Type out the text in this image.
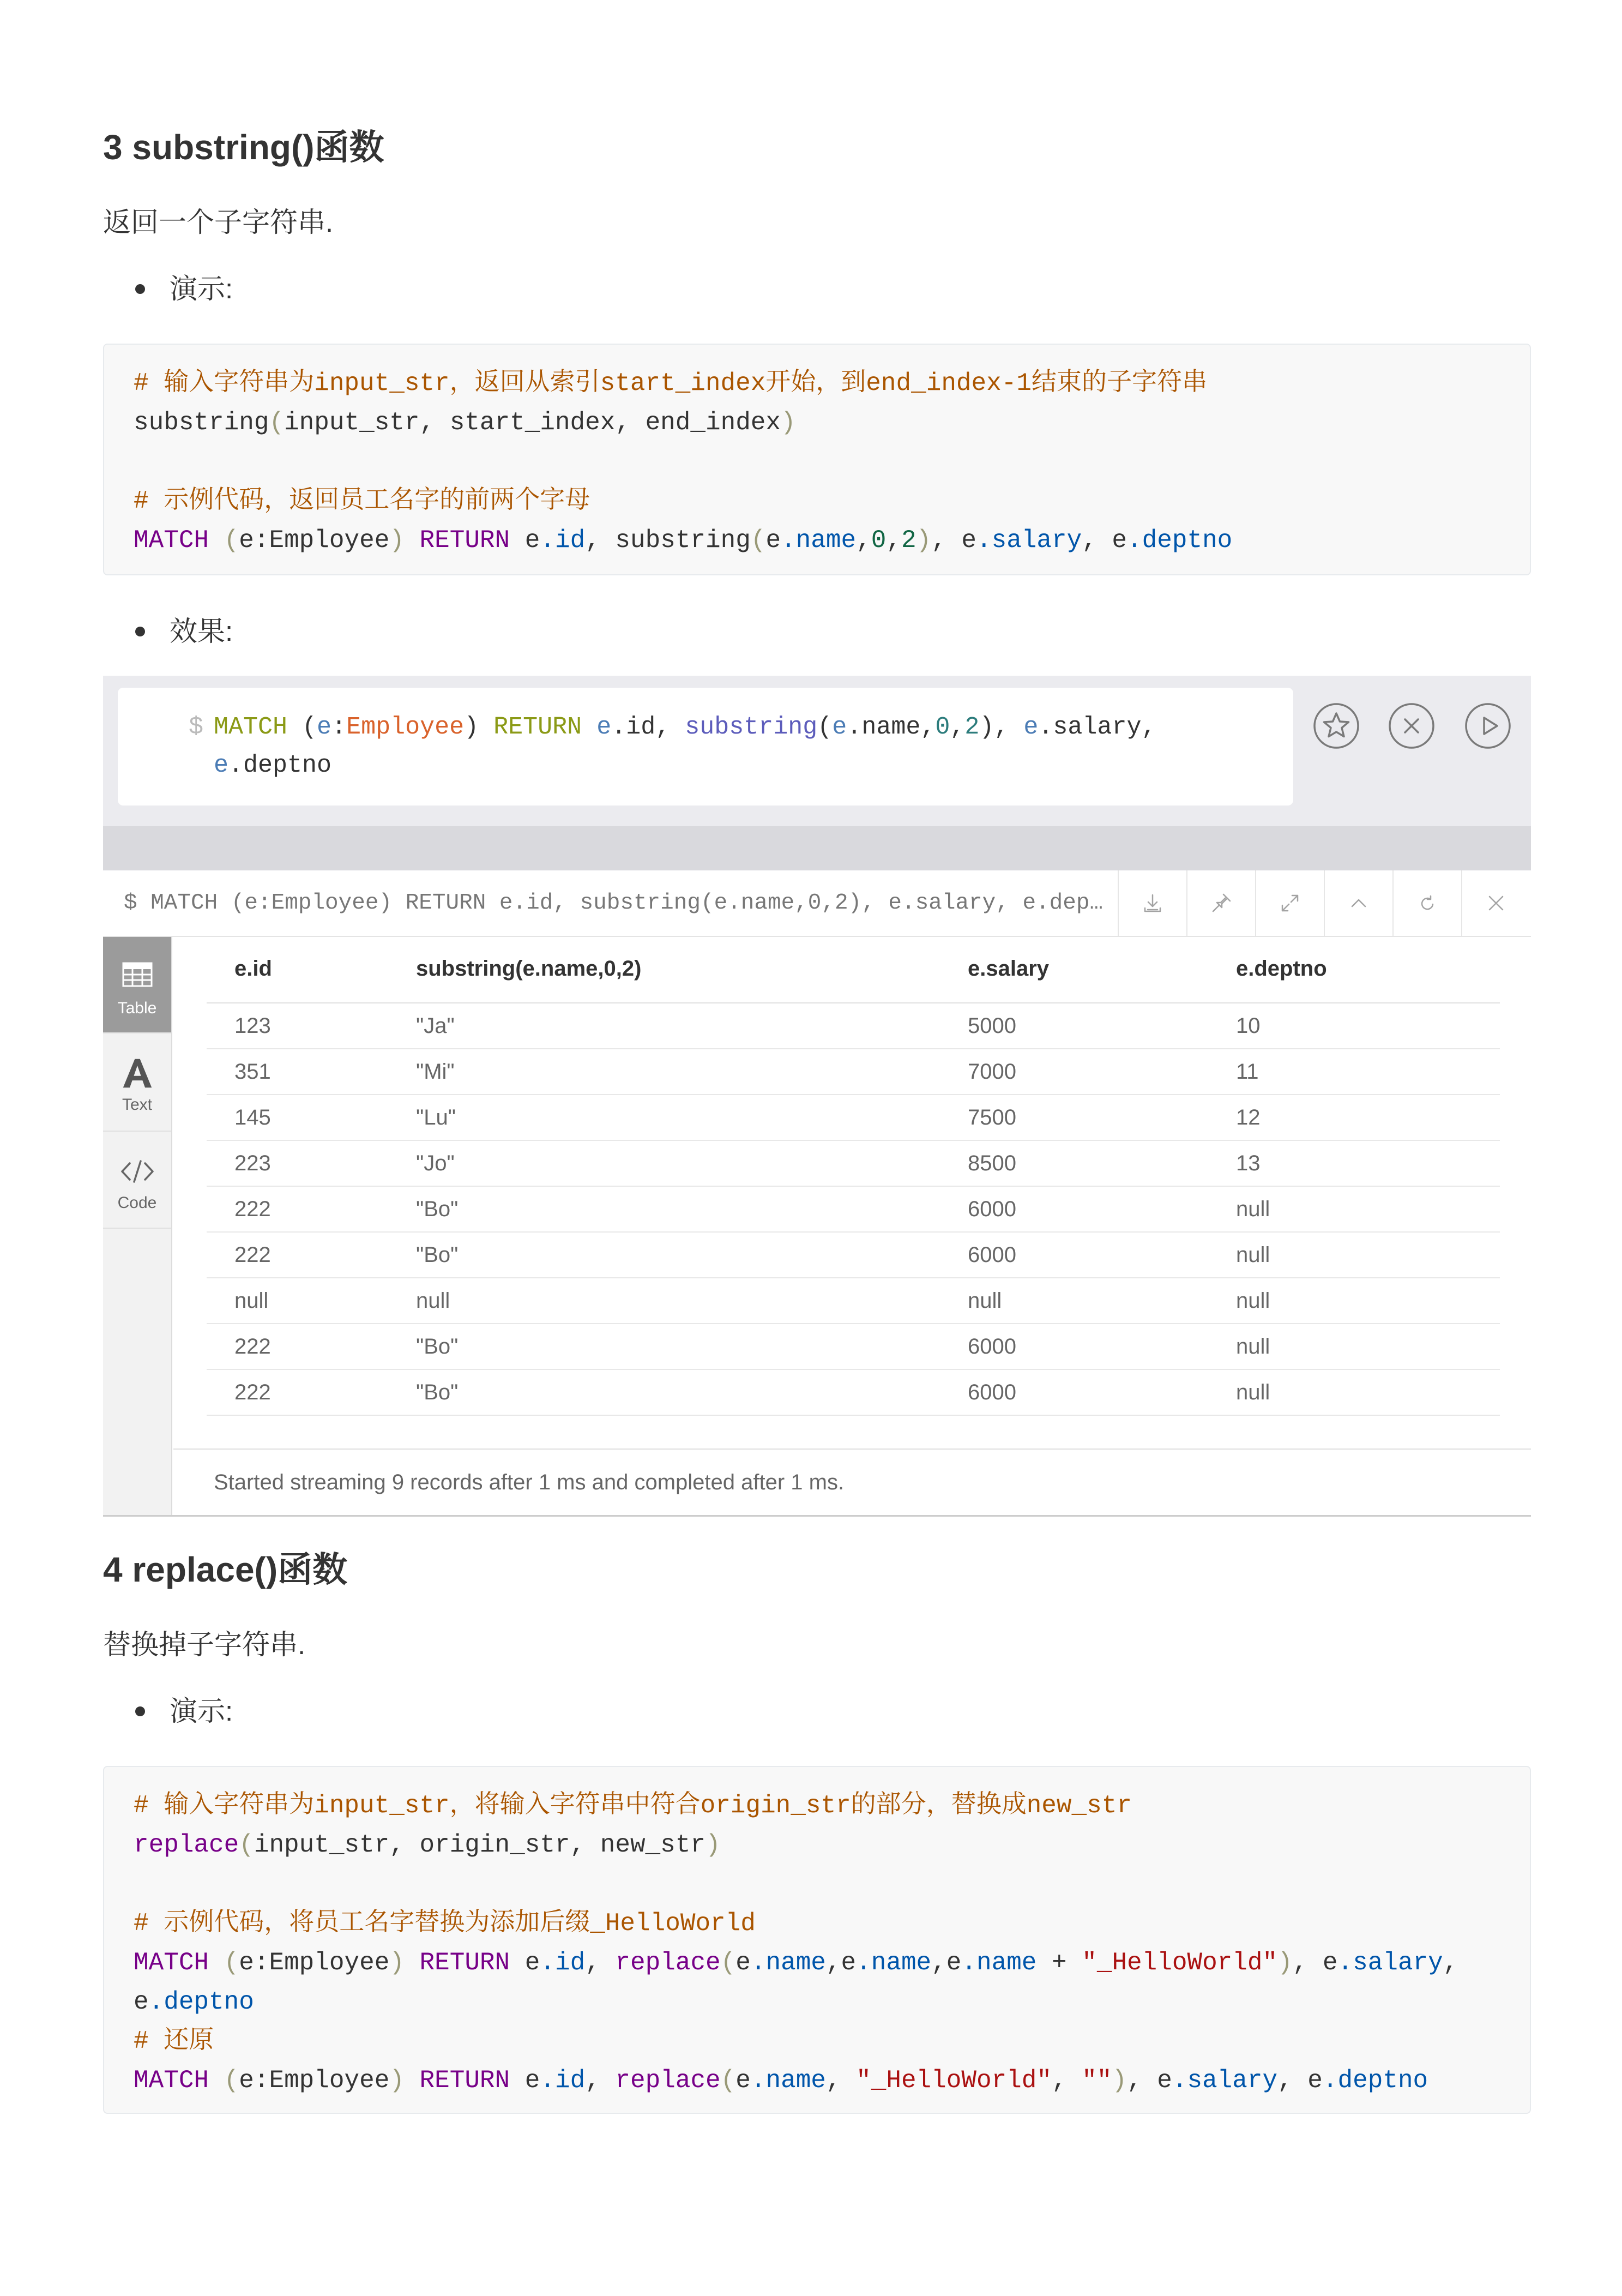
3 substring()函数

返回一个子字符串.

演示:
# 输入字符串为input_str，返回从索引start_index开始，到end_index-1结束的子字符串
substring(input_str, start_index, end_index)
# 示例代码，返回员工名字的前两个字母
MATCH (e:Employee) RETURN e.id, substring(e.name,0,2), e.salary, e.deptno
效果:
$ MATCH (e:Employee) RETURN e.id, substring(e.name,0,2), e.salary,
e.deptno
$ MATCH (e:Employee) RETURN e.id, substring(e.name,0,2), e.salary, e.dep…
Table
Text
Code
e.id	substring(e.name,0,2)	e.salary	e.deptno
123	"Ja"	5000	10
351	"Mi"	7000	11
145	"Lu"	7500	12
223	"Jo"	8500	13
222	"Bo"	6000	null
222	"Bo"	6000	null
null	null	null	null
222	"Bo"	6000	null
222	"Bo"	6000	null
Started streaming 9 records after 1 ms and completed after 1 ms.
4 replace()函数

替换掉子字符串.

演示:
# 输入字符串为input_str，将输入字符串中符合origin_str的部分，替换成new_str
replace(input_str, origin_str, new_str)
# 示例代码，将员工名字替换为添加后缀_HelloWorld
MATCH (e:Employee) RETURN e.id, replace(e.name,e.name,e.name + "_HelloWorld"), e.salary,
e.deptno
# 还原
MATCH (e:Employee) RETURN e.id, replace(e.name, "_HelloWorld", ""), e.salary, e.deptno
